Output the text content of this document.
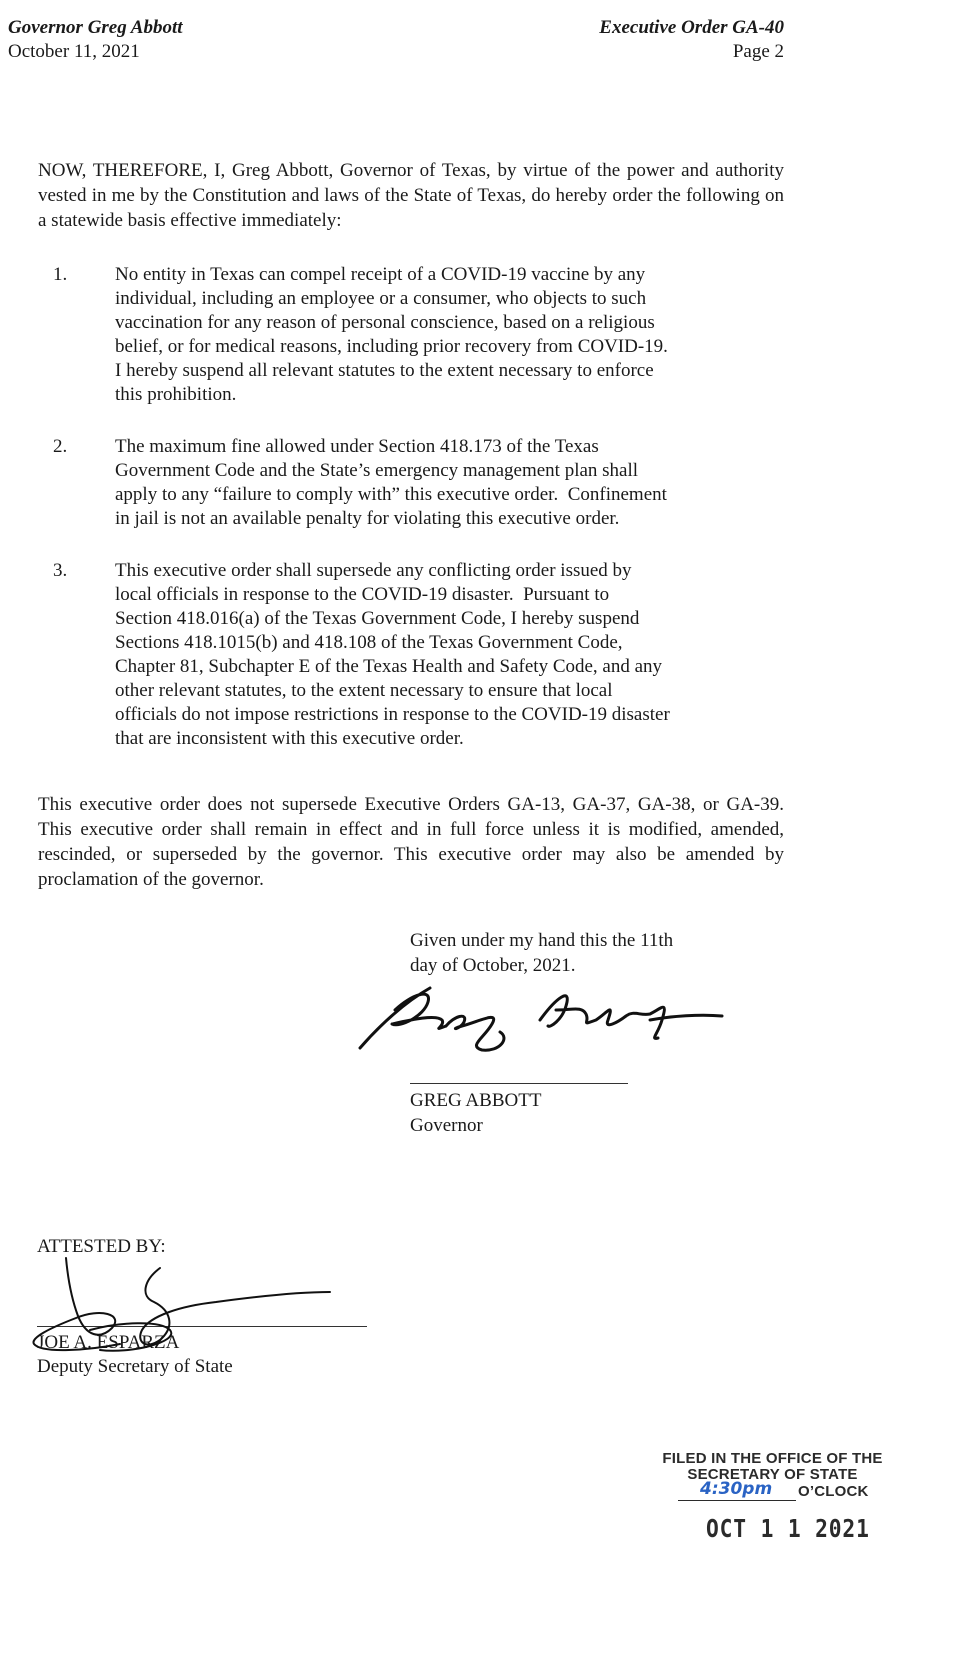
Governor Greg Abbott
October 11, 2021
Executive Order GA-40
Page 2
NOW, THEREFORE, I, Greg Abbott, Governor of Texas, by virtue of the power and authority vested in me by the Constitution and laws of the State of Texas, do hereby order the following on a statewide basis effective immediately:
1.	No entity in Texas can compel receipt of a COVID-19 vaccine by any
individual, including an employee or a consumer, who objects to such
vaccination for any reason of personal conscience, based on a religious
belief, or for medical reasons, including prior recovery from COVID-19.
I hereby suspend all relevant statutes to the extent necessary to enforce
this prohibition.
2.	The maximum fine allowed under Section 418.173 of the Texas
Government Code and the State’s emergency management plan shall
apply to any “failure to comply with” this executive order.  Confinement
in jail is not an available penalty for violating this executive order.
3.	This executive order shall supersede any conflicting order issued by
local officials in response to the COVID-19 disaster.  Pursuant to
Section 418.016(a) of the Texas Government Code, I hereby suspend
Sections 418.1015(b) and 418.108 of the Texas Government Code,
Chapter 81, Subchapter E of the Texas Health and Safety Code, and any
other relevant statutes, to the extent necessary to ensure that local
officials do not impose restrictions in response to the COVID-19 disaster
that are inconsistent with this executive order.
This executive order does not supersede Executive Orders GA-13, GA-37, GA-38, or GA-39. This executive order shall remain in effect and in full force unless it is modified, amended, rescinded, or superseded by the governor. This executive order may also be amended by proclamation of the governor.
Given under my hand this the 11th
day of October, 2021.
GREG ABBOTT
Governor
ATTESTED BY:
JOE A. ESPARZA
Deputy Secretary of State
FILED IN THE OFFICE OF THE
SECRETARY OF STATE
4:30pm O’CLOCK
OCT 1 1 2021
